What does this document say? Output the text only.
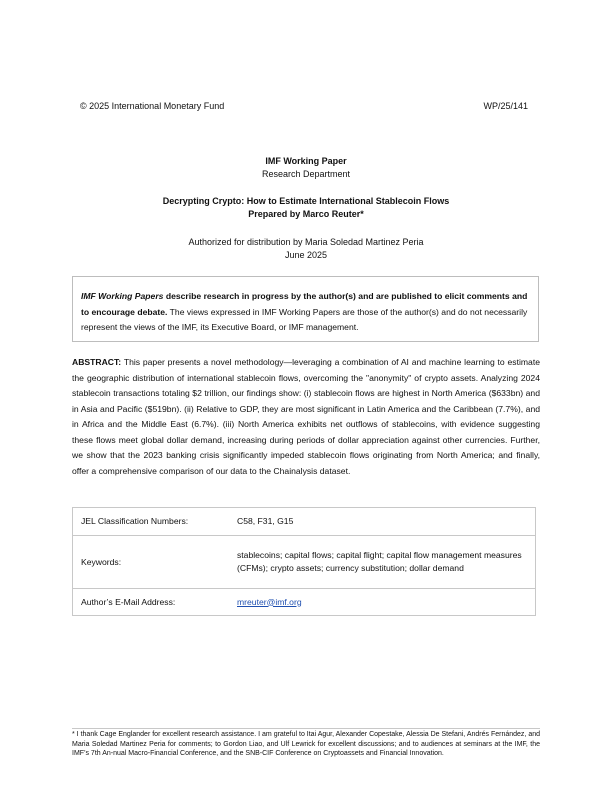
© 2025 International Monetary Fund	WP/25/141
IMF Working Paper
Research Department
Decrypting Crypto: How to Estimate International Stablecoin Flows
Prepared by Marco Reuter*
Authorized for distribution by Maria Soledad Martinez Peria
June 2025
IMF Working Papers describe research in progress by the author(s) and are published to elicit comments and to encourage debate. The views expressed in IMF Working Papers are those of the author(s) and do not necessarily represent the views of the IMF, its Executive Board, or IMF management.
ABSTRACT: This paper presents a novel methodology—leveraging a combination of AI and machine learning to estimate the geographic distribution of international stablecoin flows, overcoming the "anonymity" of crypto assets. Analyzing 2024 stablecoin transactions totaling $2 trillion, our findings show: (i) stablecoin flows are highest in North America ($633bn) and in Asia and Pacific ($519bn). (ii) Relative to GDP, they are most significant in Latin America and the Caribbean (7.7%), and in Africa and the Middle East (6.7%). (iii) North America exhibits net outflows of stablecoins, with evidence suggesting these flows meet global dollar demand, increasing during periods of dollar appreciation against other currencies. Further, we show that the 2023 banking crisis significantly impeded stablecoin flows originating from North America; and finally, offer a comprehensive comparison of our data to the Chainalysis dataset.
JEL Classification Numbers:	C58, F31, G15
Keywords:	stablecoins; capital flows; capital flight; capital flow management measures (CFMs); crypto assets; currency substitution; dollar demand
Author’s E-Mail Address:	mreuter@imf.org
* I thank Cage Englander for excellent research assistance. I am grateful to Itai Agur, Alexander Copestake, Alessia De Stefani, Andrés Fernández, and Maria Soledad Martinez Peria for comments; to Gordon Liao, and Ulf Lewrick for excellent discussions; and to audiences at seminars at the IMF, the IMF’s 7th An-nual Macro-Financial Conference, and the SNB-CIF Conference on Cryptoassets and Financial Innovation.
